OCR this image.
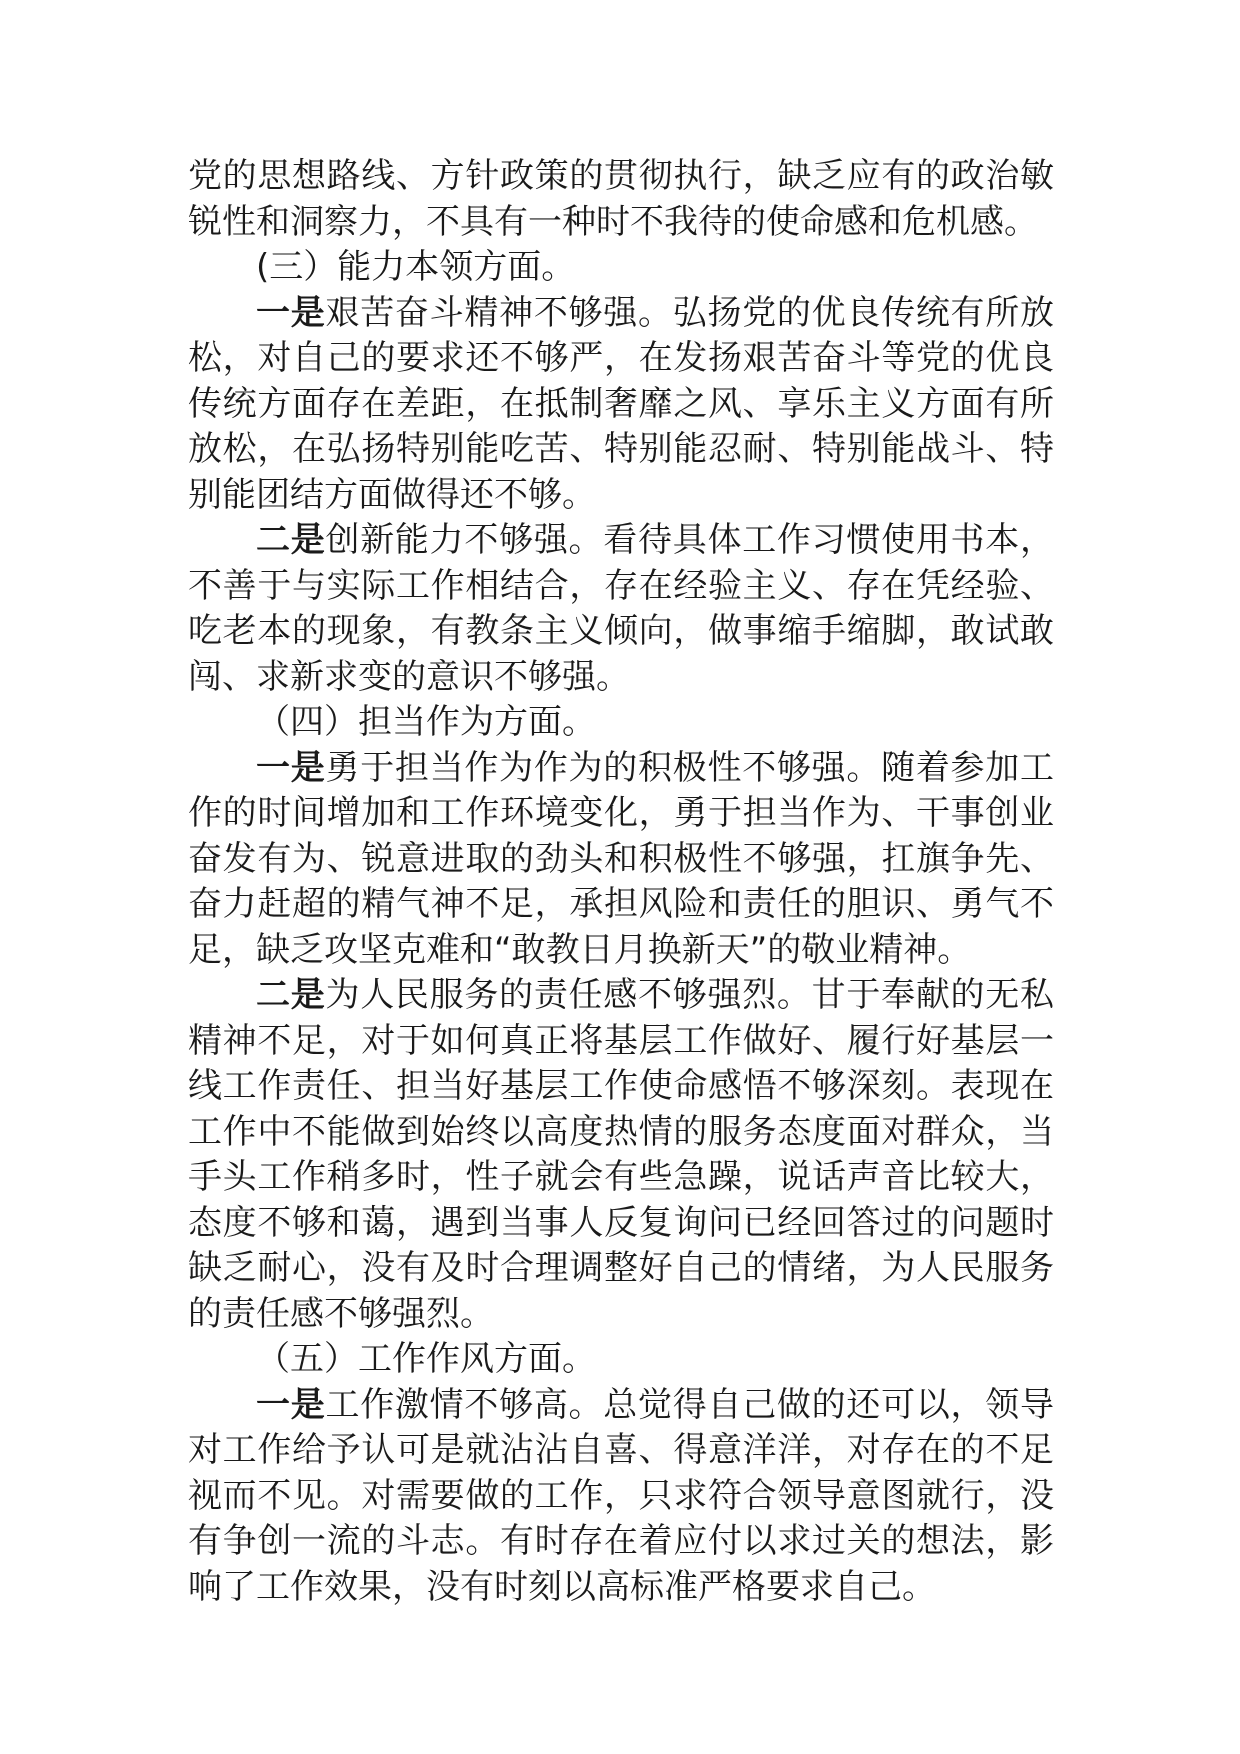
党的思想路线、方针政策的贯彻执行，缺乏应有的政治敏锐性和洞察力，不具有一种时不我待的使命感和危机感。

(三）能力本领方面。

一是艰苦奋斗精神不够强。弘扬党的优良传统有所放松，对自己的要求还不够严，在发扬艰苦奋斗等党的优良传统方面存在差距，在抵制奢靡之风、享乐主义方面有所放松，在弘扬特别能吃苦、特别能忍耐、特别能战斗、特别能团结方面做得还不够。

二是创新能力不够强。看待具体工作习惯使用书本，不善于与实际工作相结合，存在经验主义、存在凭经验、吃老本的现象，有教条主义倾向，做事缩手缩脚，敢试敢闯、求新求变的意识不够强。

（四）担当作为方面。

一是勇于担当作为作为的积极性不够强。随着参加工作的时间增加和工作环境变化，勇于担当作为、干事创业奋发有为、锐意进取的劲头和积极性不够强，扛旗争先、奋力赶超的精气神不足，承担风险和责任的胆识、勇气不足，缺乏攻坚克难和“敢教日月换新天”的敬业精神。

二是为人民服务的责任感不够强烈。甘于奉献的无私精神不足，对于如何真正将基层工作做好、履行好基层一线工作责任、担当好基层工作使命感悟不够深刻。表现在工作中不能做到始终以高度热情的服务态度面对群众，当手头工作稍多时，性子就会有些急躁，说话声音比较大，态度不够和蔼，遇到当事人反复询问已经回答过的问题时缺乏耐心，没有及时合理调整好自己的情绪，为人民服务的责任感不够强烈。

（五）工作作风方面。

一是工作激情不够高。总觉得自己做的还可以，领导对工作给予认可是就沾沾自喜、得意洋洋，对存在的不足视而不见。对需要做的工作，只求符合领导意图就行，没有争创一流的斗志。有时存在着应付以求过关的想法，影响了工作效果，没有时刻以高标准严格要求自己。
